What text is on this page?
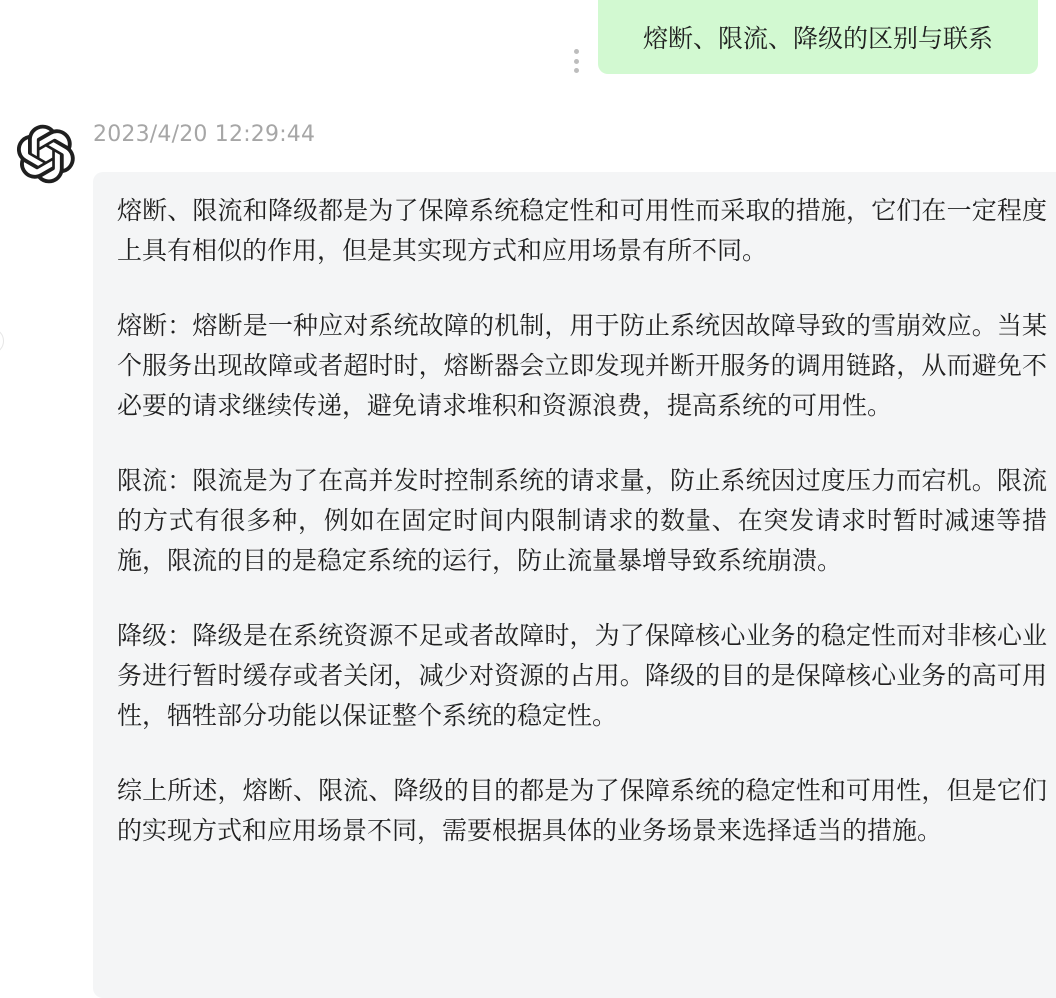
熔断、限流、降级的区别与联系
2023/4/20 12:29:44

熔断、限流和降级都是为了保障系统稳定性和可用性而采取的措施，它们在一定程度上具有相似的作用，但是其实现方式和应用场景有所不同。

熔断：熔断是一种应对系统故障的机制，用于防止系统因故障导致的雪崩效应。当某个服务出现故障或者超时时，熔断器会立即发现并断开服务的调用链路，从而避免不必要的请求继续传递，避免请求堆积和资源浪费，提高系统的可用性。

限流：限流是为了在高并发时控制系统的请求量，防止系统因过度压力而宕机。限流的方式有很多种，例如在固定时间内限制请求的数量、在突发请求时暂时减速等措施，限流的目的是稳定系统的运行，防止流量暴增导致系统崩溃。

降级：降级是在系统资源不足或者故障时，为了保障核心业务的稳定性而对非核心业务进行暂时缓存或者关闭，减少对资源的占用。降级的目的是保障核心业务的高可用性，牺牲部分功能以保证整个系统的稳定性。

综上所述，熔断、限流、降级的目的都是为了保障系统的稳定性和可用性，但是它们的实现方式和应用场景不同，需要根据具体的业务场景来选择适当的措施。
